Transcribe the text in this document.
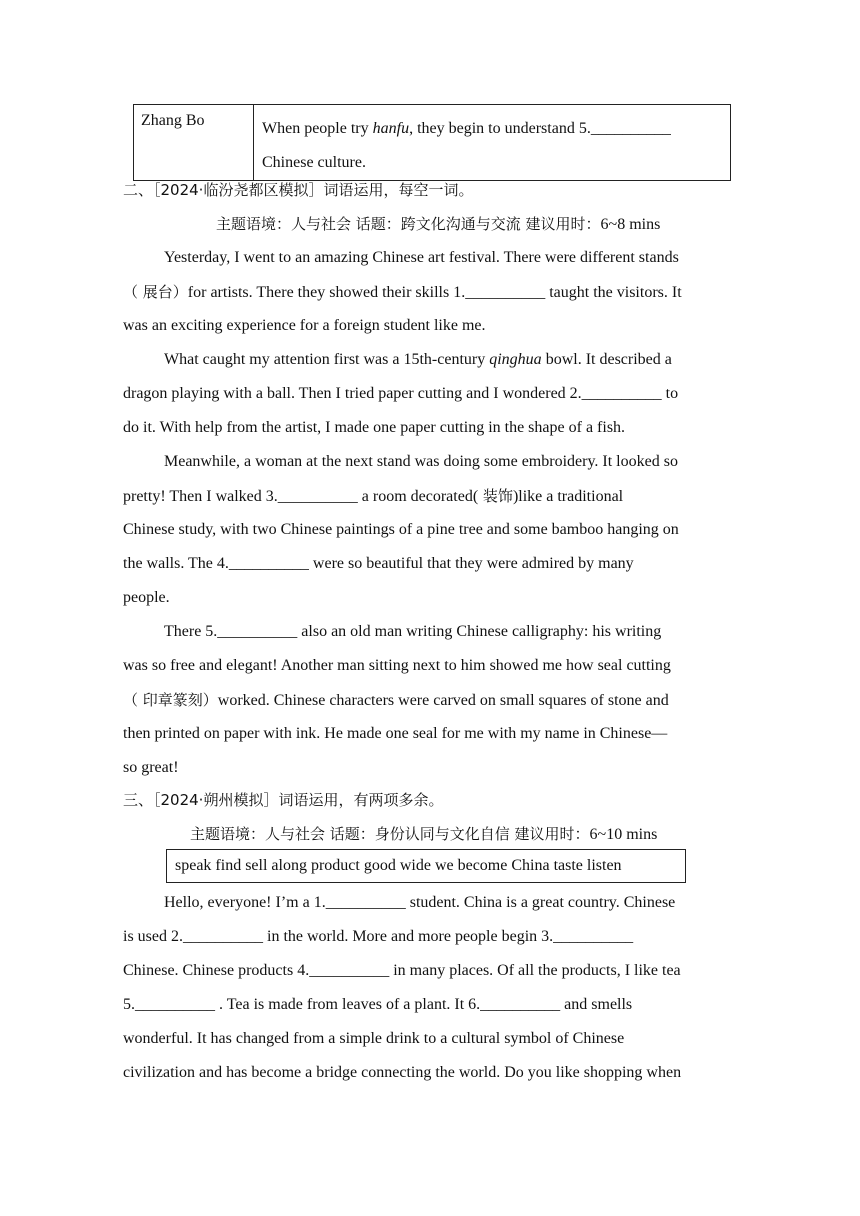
Zhang Bo	When people try hanfu, they begin to understand 5.__________
Chinese culture.
二、［2024·临汾尧都区模拟］词语运用，每空一词。
主题语境：人与社会 话题：跨文化沟通与交流 建议用时：6~8 mins
Yesterday, I went to an amazing Chinese art festival. There were different stands
（ 展台）for artists. There they showed their skills 1.__________ taught the visitors. It
was an exciting experience for a foreign student like me.
What caught my attention first was a 15th-century qinghua bowl. It described a
dragon playing with a ball. Then I tried paper cutting and I wondered 2.__________ to
do it. With help from the artist, I made one paper cutting in the shape of a fish.
Meanwhile, a woman at the next stand was doing some embroidery. It looked so
pretty! Then I walked 3.__________ a room decorated( 装饰)like a traditional
Chinese study, with two Chinese paintings of a pine tree and some bamboo hanging on
the walls. The 4.__________ were so beautiful that they were admired by many
people.
There 5.__________ also an old man writing Chinese calligraphy: his writing
was so free and elegant! Another man sitting next to him showed me how seal cutting
（ 印章篆刻）worked. Chinese characters were carved on small squares of stone and
then printed on paper with ink. He made one seal for me with my name in Chinese—
so great!
三、［2024·朔州模拟］词语运用，有两项多余。
主题语境：人与社会 话题：身份认同与文化自信 建议用时：6~10 mins
speak find sell along product good wide we become China taste listen
Hello, everyone! I’m a 1.__________ student. China is a great country. Chinese
is used 2.__________ in the world. More and more people begin 3.__________
Chinese. Chinese products 4.__________ in many places. Of all the products, I like tea
5.__________ . Tea is made from leaves of a plant. It 6.__________ and smells
wonderful. It has changed from a simple drink to a cultural symbol of Chinese
civilization and has become a bridge connecting the world. Do you like shopping when
